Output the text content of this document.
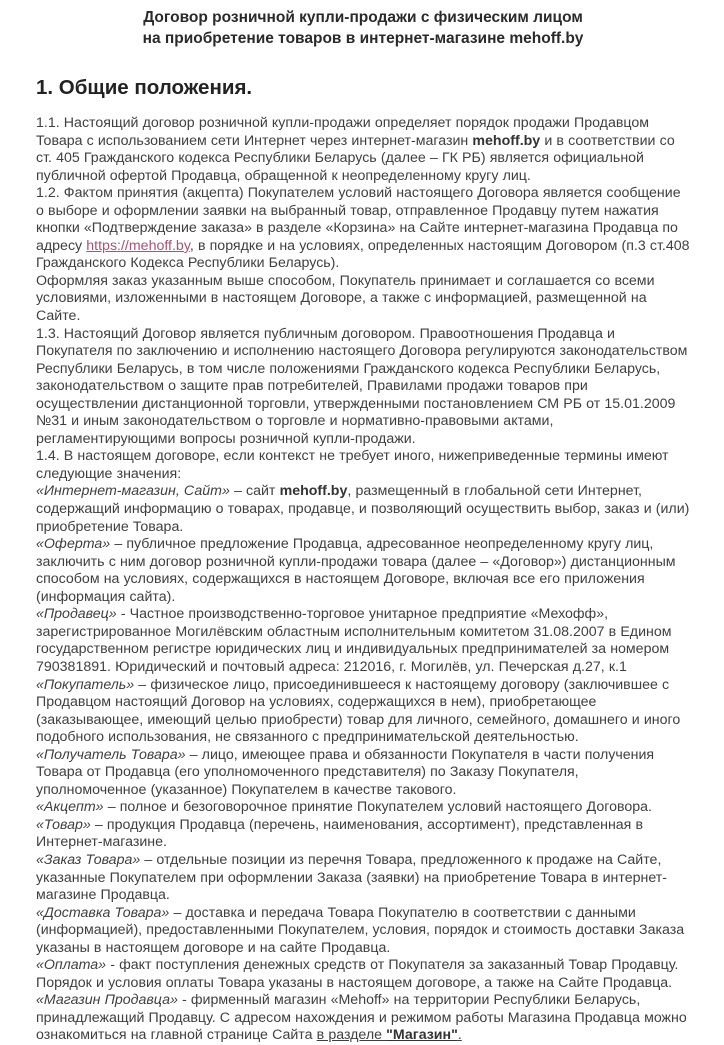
Договор розничной купли-продажи с физическим лицом
на приобретение товаров в интернет-магазине mehoff.by
1. Общие положения.

1.1. Настоящий договор розничной купли-продажи определяет порядок продажи Продавцом Товара с использованием сети Интернет через интернет-магазин mehoff.by и в соответствии со ст. 405 Гражданского кодекса Республики Беларусь (далее – ГК РБ) является официальной публичной офертой Продавца, обращенной к неопределенному кругу лиц.

1.2. Фактом принятия (акцепта) Покупателем условий настоящего Договора является сообщение о выборе и оформлении заявки на выбранный товар, отправленное Продавцу путем нажатия кнопки «Подтверждение заказа» в разделе «Корзина» на Сайте интернет-магазина Продавца по адресу https://mehoff.by, в порядке и на условиях, определенных настоящим Договором (п.3 ст.408 Гражданского Кодекса Республики Беларусь).

Оформляя заказ указанным выше способом, Покупатель принимает и соглашается со всеми условиями, изложенными в настоящем Договоре, а также с информацией, размещенной на Сайте.

1.3. Настоящий Договор является публичным договором. Правоотношения Продавца и Покупателя по заключению и исполнению настоящего Договора регулируются законодательством Республики Беларусь, в том числе положениями Гражданского кодекса Республики Беларусь, законодательством о защите прав потребителей, Правилами продажи товаров при осуществлении дистанционной торговли, утвержденными постановлением СМ РБ от 15.01.2009 №31 и иным законодательством о торговле и нормативно-правовыми актами, регламентирующими вопросы розничной купли-продажи.

1.4. В настоящем договоре, если контекст не требует иного, нижеприведенные термины имеют следующие значения:

«Интернет-магазин, Сайт» – сайт mehoff.by, размещенный в глобальной сети Интернет, содержащий информацию о товарах, продавце, и позволяющий осуществить выбор, заказ и (или) приобретение Товара.

«Оферта» – публичное предложение Продавца, адресованное неопределенному кругу лиц, заключить с ним договор розничной купли-продажи товара (далее – «Договор») дистанционным способом на условиях, содержащихся в настоящем Договоре, включая все его приложения (информация сайта).

«Продавец» - Частное производственно-торговое унитарное предприятие «Мехофф», зарегистрированное Могилёвским областным исполнительным комитетом 31.08.2007 в Едином государственном регистре юридических лиц и индивидуальных предпринимателей за номером 790381891. Юридический и почтовый адреса: 212016, г. Могилёв, ул. Печерская д.27, к.1

«Покупатель» – физическое лицо, присоединившееся к настоящему договору (заключившее с Продавцом настоящий Договор на условиях, содержащихся в нем), приобретающее (заказывающее, имеющий целью приобрести) товар для личного, семейного, домашнего и иного подобного использования, не связанного с предпринимательской деятельностью.

«Получатель Товара» – лицо, имеющее права и обязанности Покупателя в части получения Товара от Продавца (его уполномоченного представителя) по Заказу Покупателя, уполномоченное (указанное) Покупателем в качестве такового.

«Акцепт» – полное и безоговорочное принятие Покупателем условий настоящего Договора.

«Товар» – продукция Продавца (перечень, наименования, ассортимент), представленная в Интернет-магазине.

«Заказ Товара» – отдельные позиции из перечня Товара, предложенного к продаже на Сайте, указанные Покупателем при оформлении Заказа (заявки) на приобретение Товара в интернет-магазине Продавца.

«Доставка Товара» – доставка и передача Товара Покупателю в соответствии с данными (информацией), предоставленными Покупателем, условия, порядок и стоимость доставки Заказа указаны в настоящем договоре и на сайте Продавца.

«Оплата» - факт поступления денежных средств от Покупателя за заказанный Товар Продавцу. Порядок и условия оплаты Товара указаны в настоящем договоре, а также на Сайте Продавца.

«Магазин Продавца» - фирменный магазин «Mehoff» на территории Республики Беларусь, принадлежащий Продавцу. С адресом нахождения и режимом работы Магазина Продавца можно ознакомиться на главной странице Сайта в разделе "Магазин".
